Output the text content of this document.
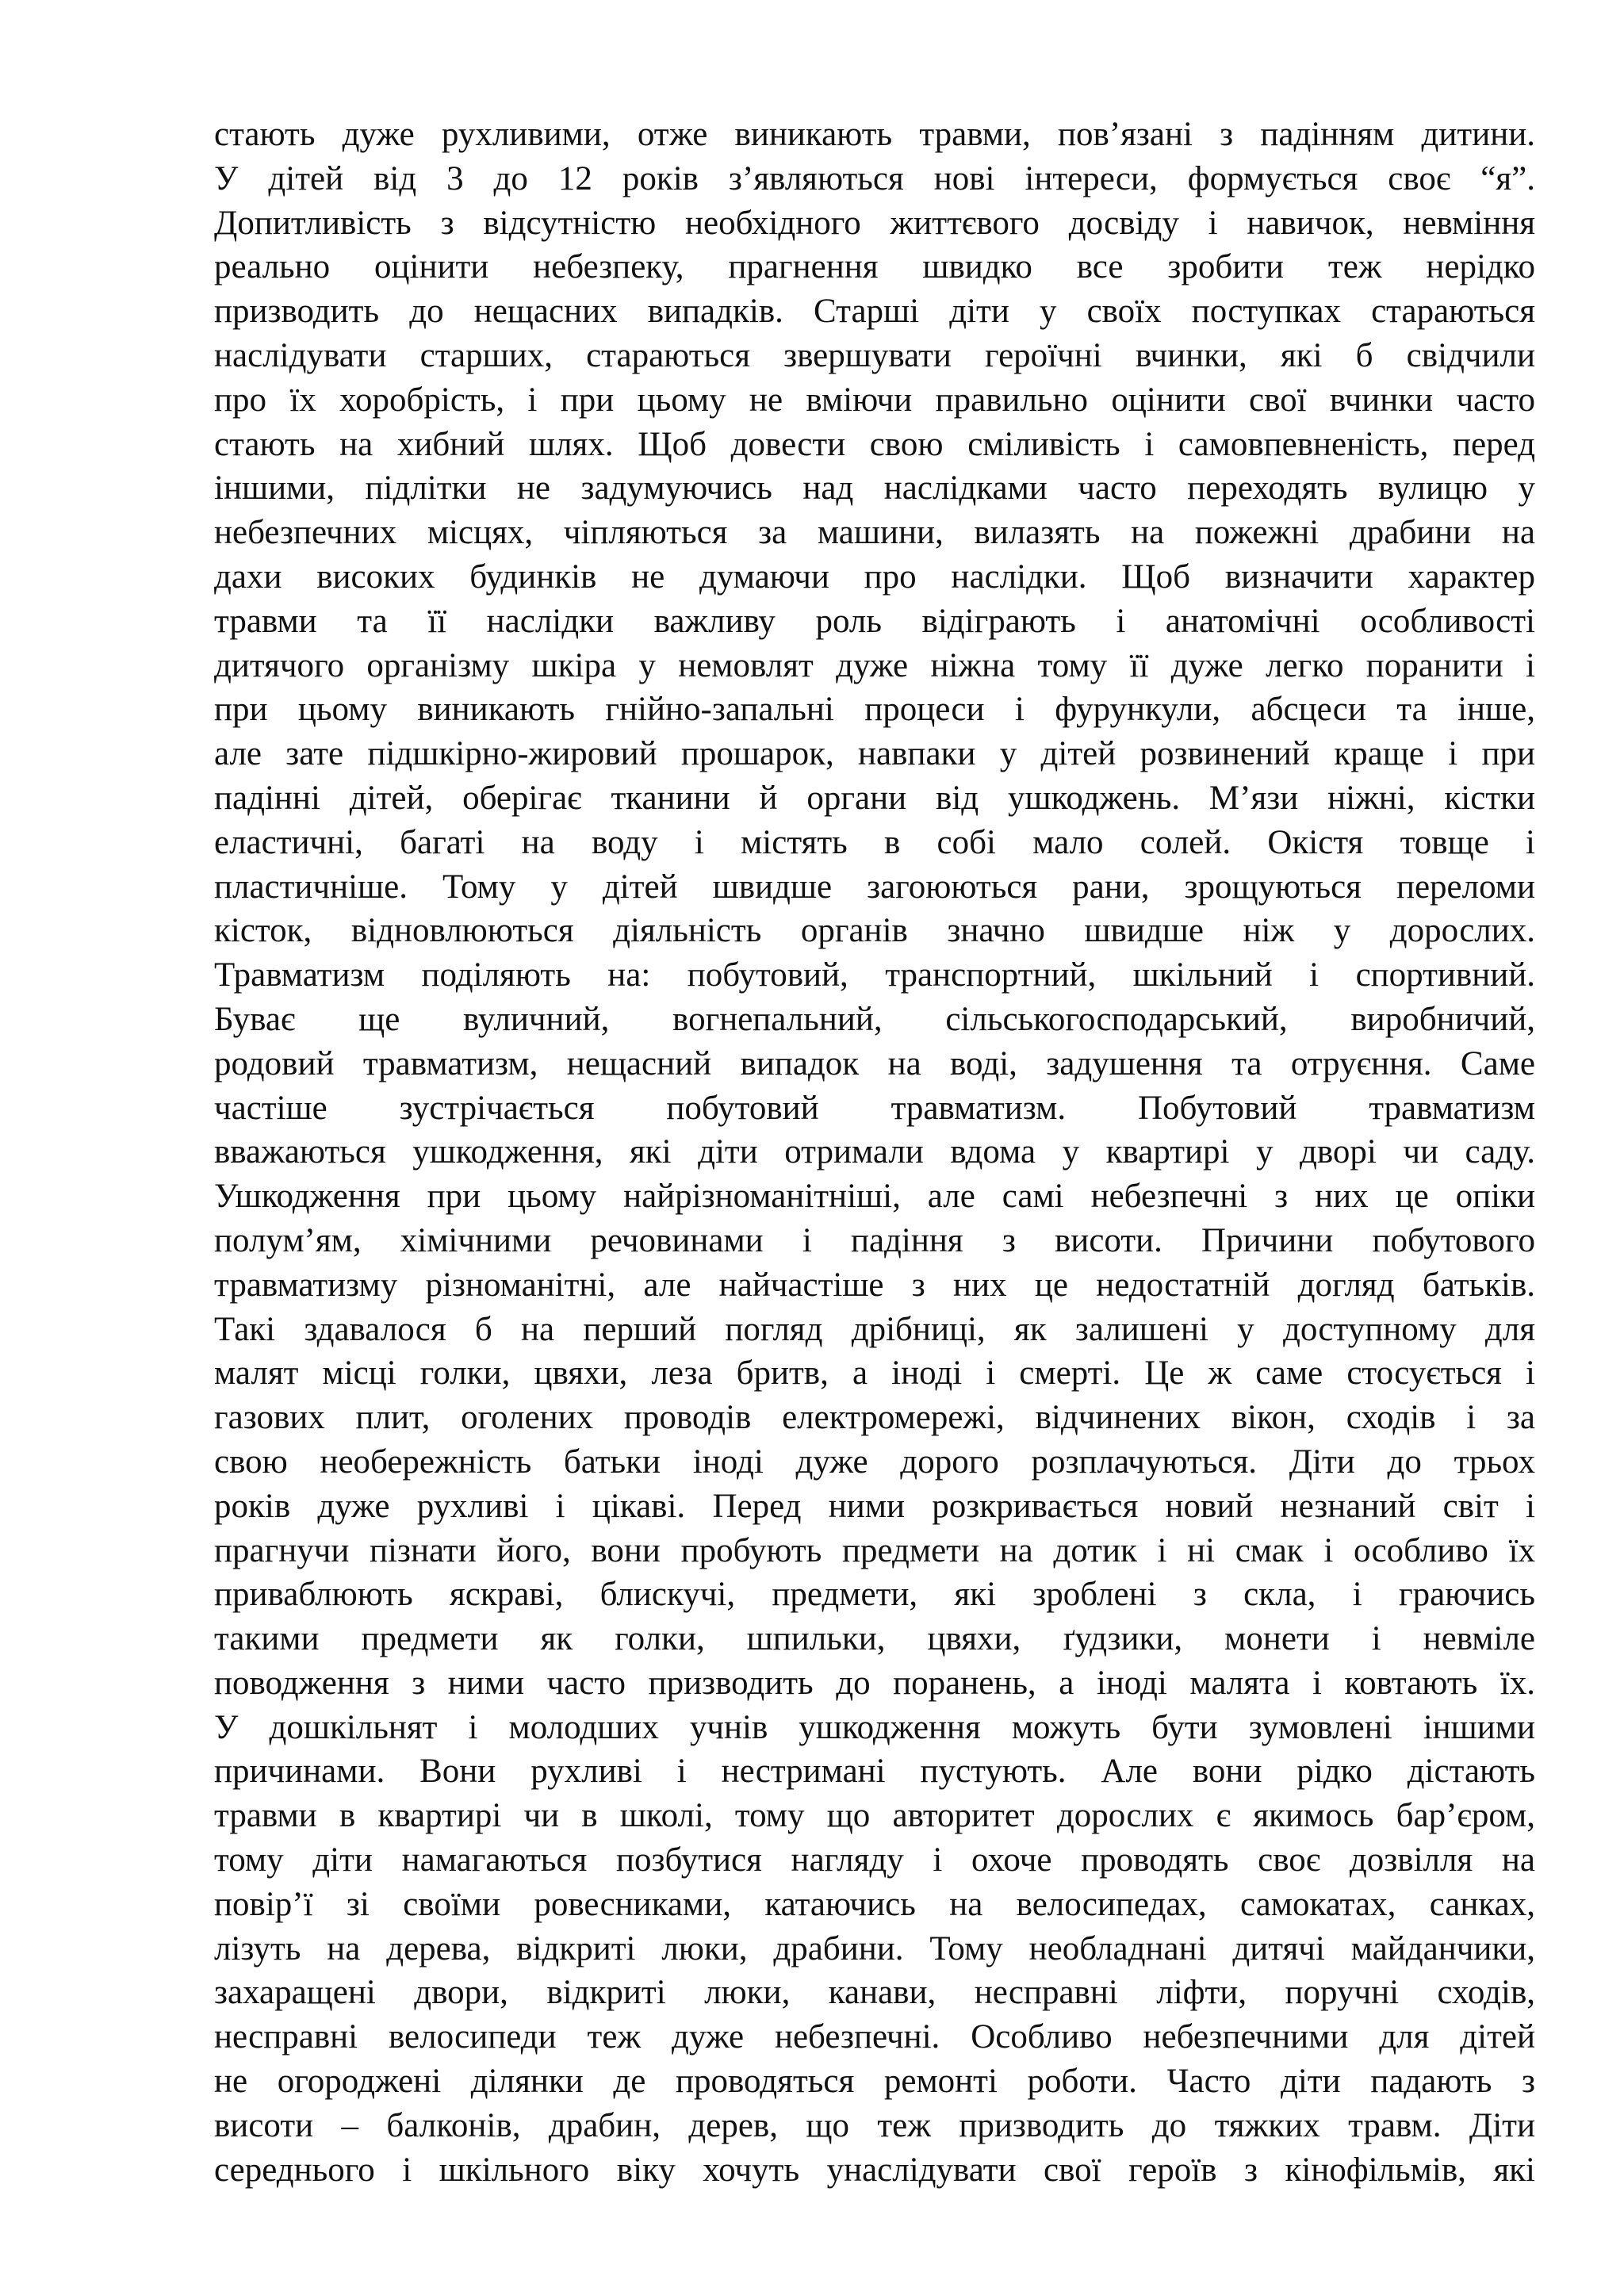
стають дуже рухливими, отже виникають травми, пов’язані з падінням дитини.
У дітей від 3 до 12 років з’являються нові інтереси, формується своє “я”.
Допитливість з відсутністю необхідного життєвого досвіду і навичок, невміння
реально оцінити небезпеку, прагнення швидко все зробити теж нерідко
призводить до нещасних випадків. Старші діти у своїх поступках стараються
наслідувати старших, стараються звершувати героїчні вчинки, які б свідчили
про їх хоробрість, і при цьому не вміючи правильно оцінити свої вчинки часто
стають на хибний шлях. Щоб довести свою сміливість і самовпевненість, перед
іншими, підлітки не задумуючись над наслідками часто переходять вулицю у
небезпечних місцях, чіпляються за машини, вилазять на пожежні драбини на
дахи високих будинків не думаючи про наслідки. Щоб визначити характер
травми та її наслідки важливу роль відіграють і анатомічні особливості
дитячого організму шкіра у немовлят дуже ніжна тому її дуже легко поранити і
при цьому виникають гнійно-запальні процеси і фурункули, абсцеси та інше,
але зате підшкірно-жировий прошарок, навпаки у дітей розвинений краще і при
падінні дітей, оберігає тканини й органи від ушкоджень. М’язи ніжні, кістки
еластичні, багаті на воду і містять в собі мало солей. Окістя товще і
пластичніше. Тому у дітей швидше загоюються рани, зрощуються переломи
кісток, відновлюються діяльність органів значно швидше ніж у дорослих.
Травматизм поділяють на: побутовий, транспортний, шкільний і спортивний.
Буває ще вуличний, вогнепальний, сільськогосподарський, виробничий,
родовий травматизм, нещасний випадок на воді, задушення та отруєння. Саме
частіше зустрічається побутовий травматизм. Побутовий травматизм
вважаються ушкодження, які діти отримали вдома у квартирі у дворі чи саду.
Ушкодження при цьому найрізноманітніші, але самі небезпечні з них це опіки
полум’ям, хімічними речовинами і падіння з висоти. Причини побутового
травматизму різноманітні, але найчастіше з них це недостатній догляд батьків.
Такі здавалося б на перший погляд дрібниці, як залишені у доступному для
малят місці голки, цвяхи, леза бритв, а іноді і смерті. Це ж саме стосується і
газових плит, оголених проводів електромережі, відчинених вікон, сходів і за
свою необережність батьки іноді дуже дорого розплачуються. Діти до трьох
років дуже рухливі і цікаві. Перед ними розкривається новий незнаний світ і
прагнучи пізнати його, вони пробують предмети на дотик і ні смак і особливо їх
приваблюють яскраві, блискучі, предмети, які зроблені з скла, і граючись
такими предмети як голки, шпильки, цвяхи, ґудзики, монети і невміле
поводження з ними часто призводить до поранень, а іноді малята і ковтають їх.
У дошкільнят і молодших учнів ушкодження можуть бути зумовлені іншими
причинами. Вони рухливі і нестримані пустують. Але вони рідко дістають
травми в квартирі чи в школі, тому що авторитет дорослих є якимось бар’єром,
тому діти намагаються позбутися нагляду і охоче проводять своє дозвілля на
повір’ї зі своїми ровесниками, катаючись на велосипедах, самокатах, санках,
лізуть на дерева, відкриті люки, драбини. Тому необладнані дитячі майданчики,
захаращені двори, відкриті люки, канави, несправні ліфти, поручні сходів,
несправні велосипеди теж дуже небезпечні. Особливо небезпечними для дітей
не огороджені ділянки де проводяться ремонті роботи. Часто діти падають з
висоти – балконів, драбин, дерев, що теж призводить до тяжких травм. Діти
середнього і шкільного віку хочуть унаслідувати свої героїв з кінофільмів, які
